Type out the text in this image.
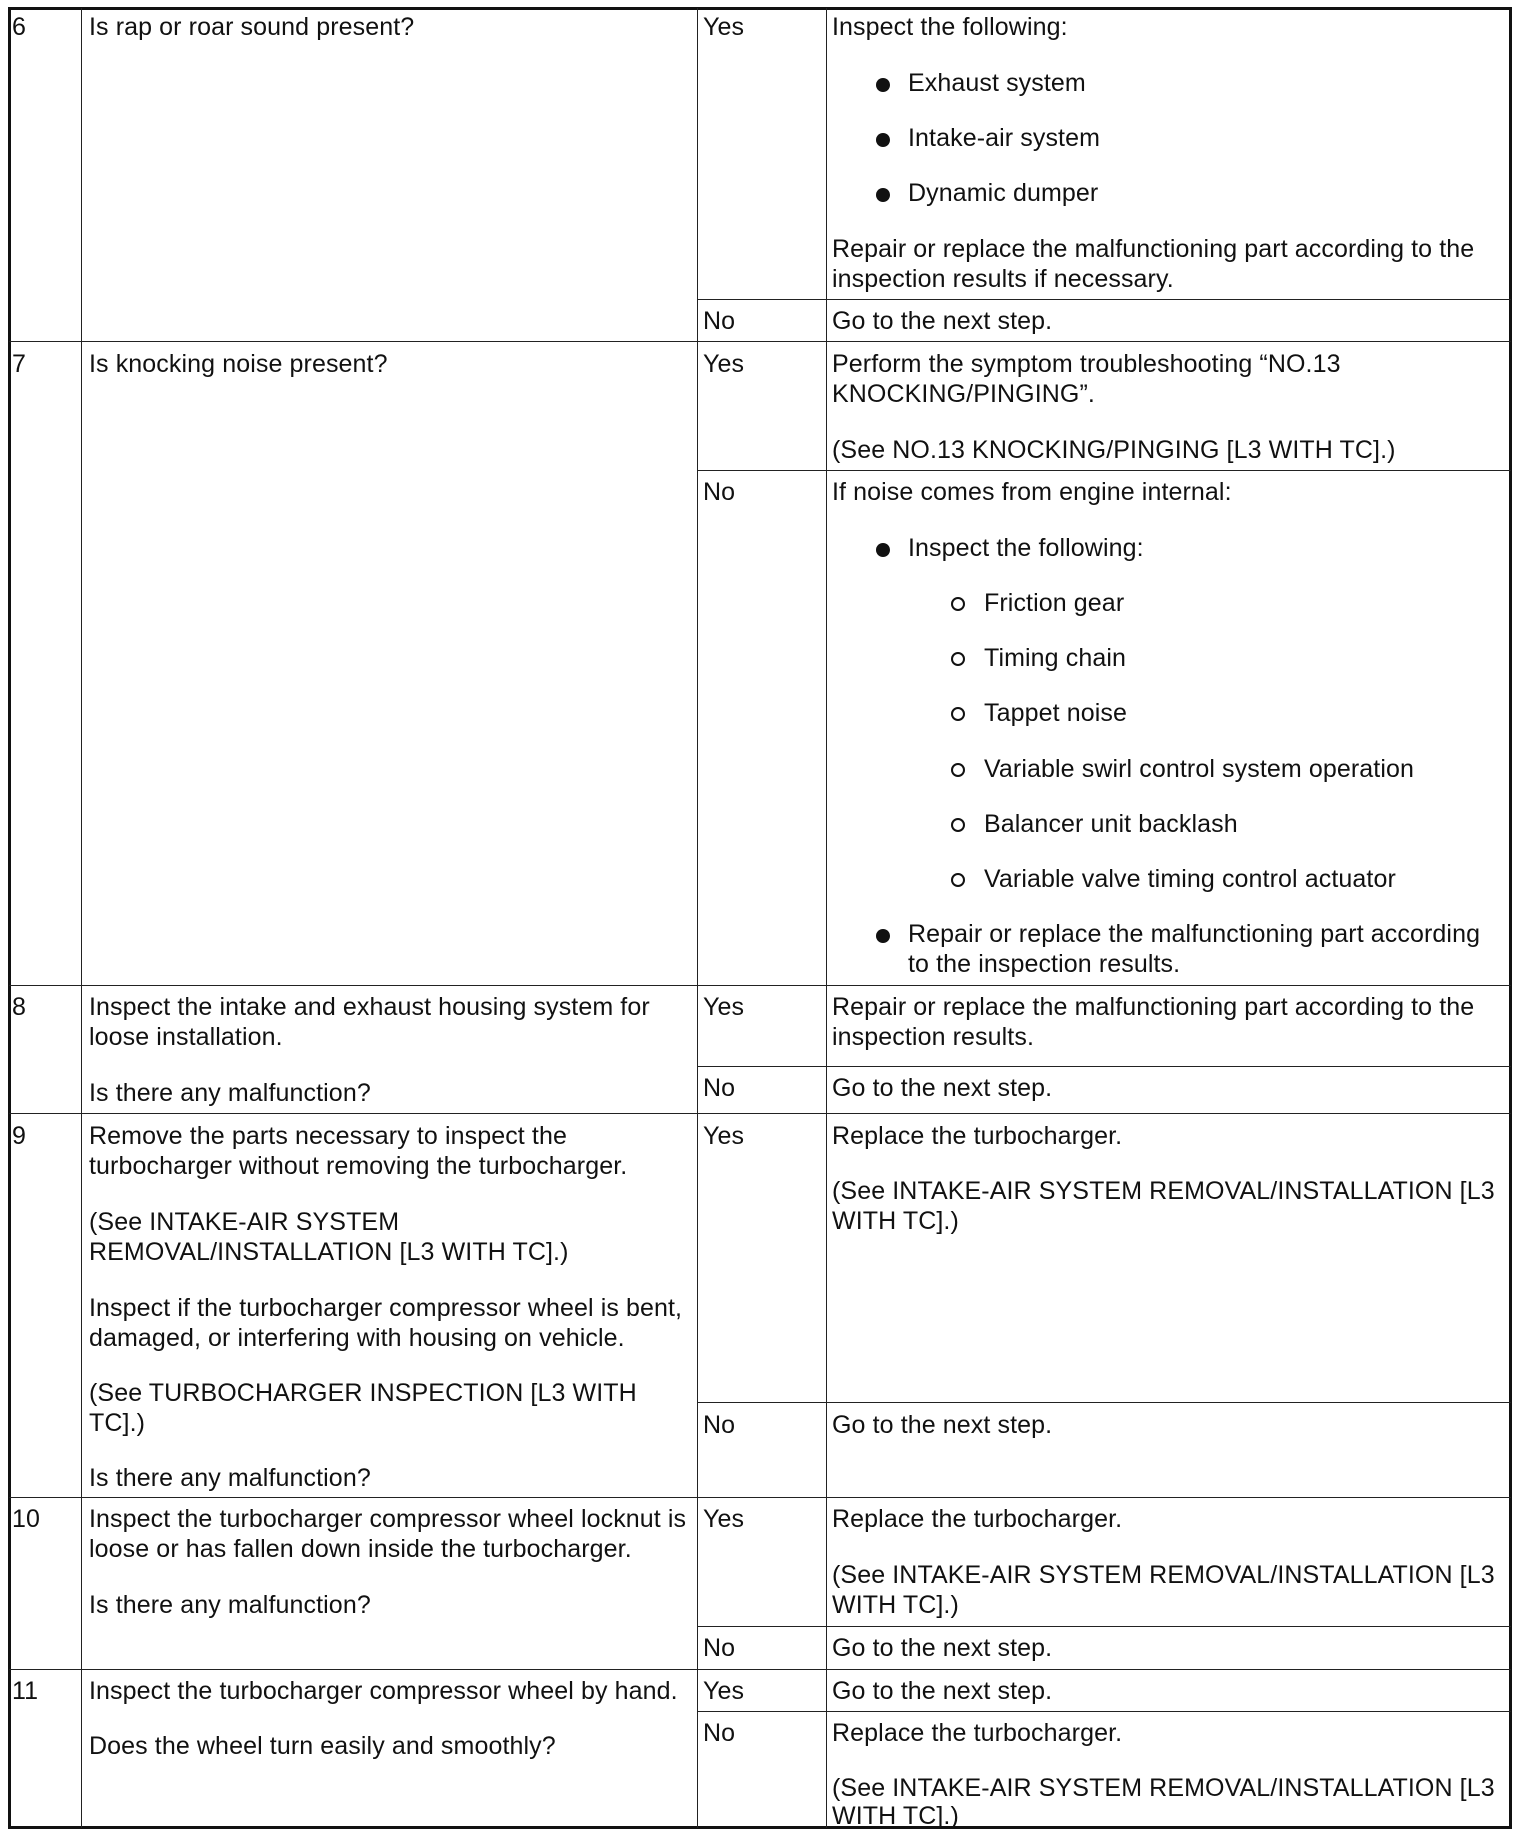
6	Is rap or roar sound present?	Yes	Inspect the following:
Exhaust system
Intake-air system
Dynamic dumper
Repair or replace the malfunctioning part according to the
inspection results if necessary.
No	Go to the next step.
7	Is knocking noise present?	Yes	Perform the symptom troubleshooting “NO.13
KNOCKING/PINGING”.
(See NO.13 KNOCKING/PINGING [L3 WITH TC].)
No	If noise comes from engine internal:
Inspect the following:
Friction gear
Timing chain
Tappet noise
Variable swirl control system operation
Balancer unit backlash
Variable valve timing control actuator
Repair or replace the malfunctioning part according
to the inspection results.
8	Inspect the intake and exhaust housing system for
loose installation.
Is there any malfunction?
Yes	Repair or replace the malfunctioning part according to the
inspection results.
No	Go to the next step.
9	Remove the parts necessary to inspect the
turbocharger without removing the turbocharger.
(See INTAKE-AIR SYSTEM
REMOVAL/INSTALLATION [L3 WITH TC].)
Inspect if the turbocharger compressor wheel is bent,
damaged, or interfering with housing on vehicle.
(See TURBOCHARGER INSPECTION [L3 WITH
TC].)
Is there any malfunction?
Yes	Replace the turbocharger.
(See INTAKE-AIR SYSTEM REMOVAL/INSTALLATION [L3
WITH TC].)
No	Go to the next step.
10 Inspect the turbocharger compressor wheel locknut is
loose or has fallen down inside the turbocharger.
Is there any malfunction?
Yes	Replace the turbocharger.
(See INTAKE-AIR SYSTEM REMOVAL/INSTALLATION [L3
WITH TC].)
No	Go to the next step.
11 Inspect the turbocharger compressor wheel by hand.
Does the wheel turn easily and smoothly?
Yes	Go to the next step.
No	Replace the turbocharger.
(See INTAKE-AIR SYSTEM REMOVAL/INSTALLATION [L3
WITH TC].)
